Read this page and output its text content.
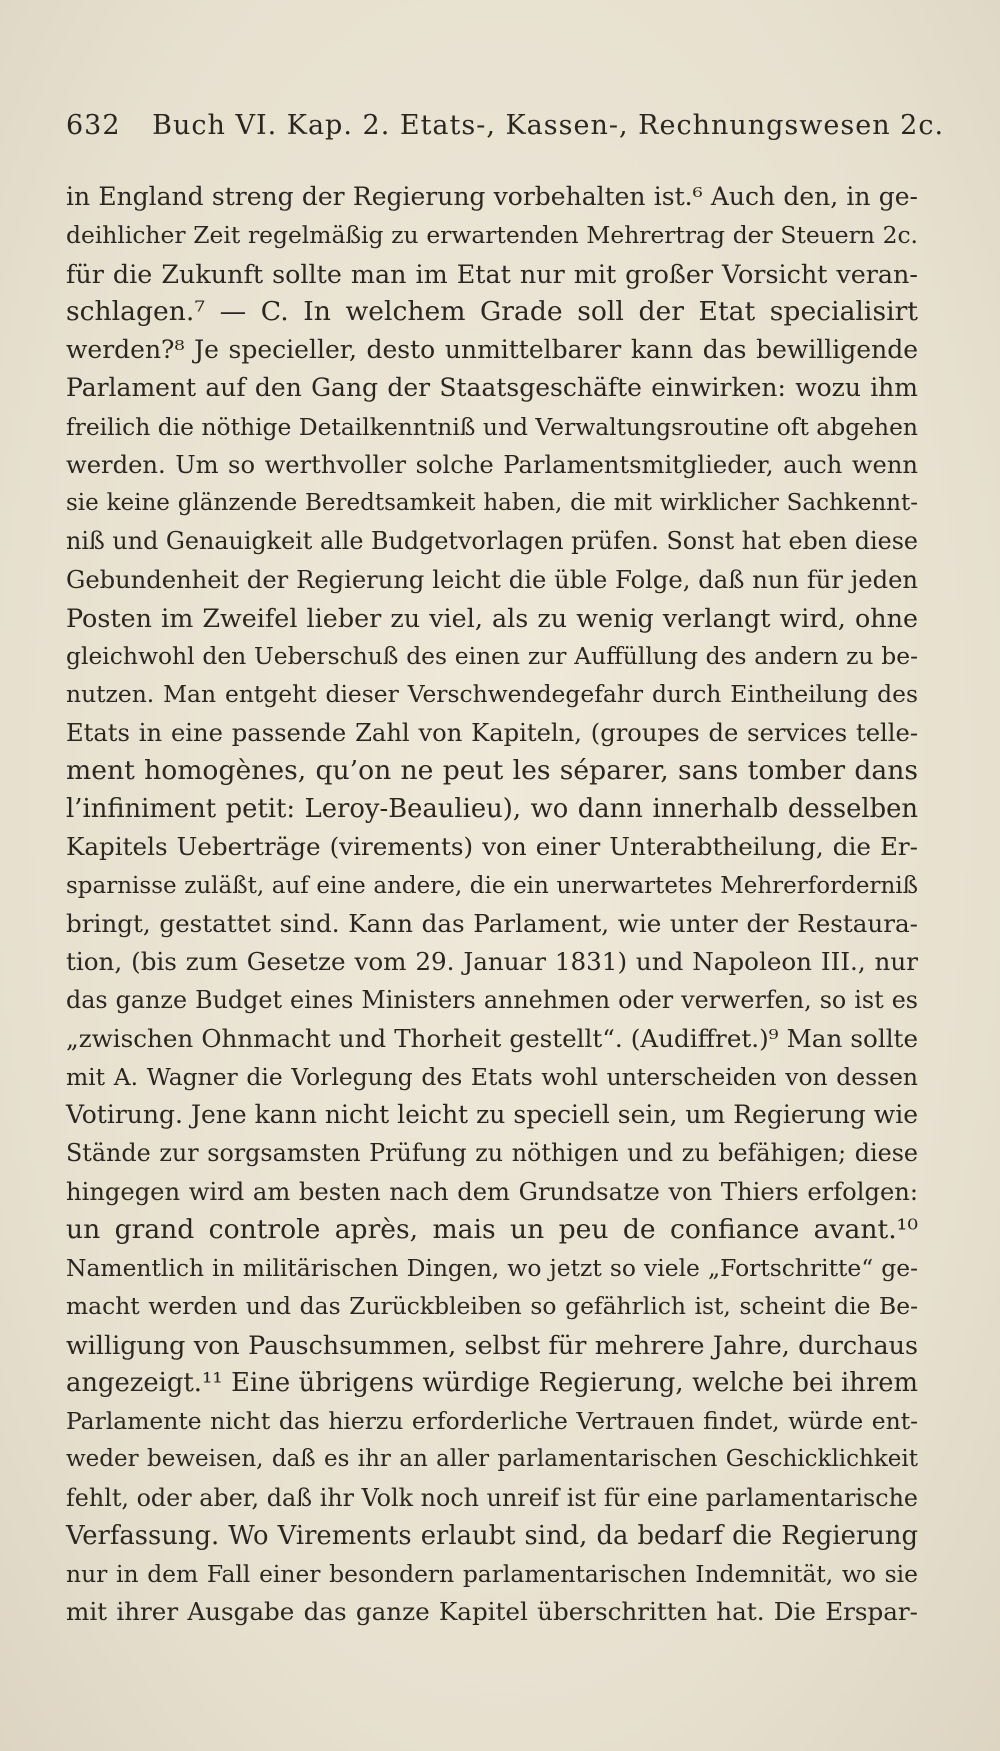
632 Buch VI. Kap. 2. Etats-, Kassen-, Rechnungswesen 2c.
in England streng der Regierung vorbehalten ist.⁶ Auch den, in ge-
deihlicher Zeit regelmäßig zu erwartenden Mehrertrag der Steuern 2c.
für die Zukunft sollte man im Etat nur mit großer Vorsicht veran-
schlagen.⁷ — C. In welchem Grade soll der Etat specialisirt
werden?⁸ Je specieller, desto unmittelbarer kann das bewilligende
Parlament auf den Gang der Staatsgeschäfte einwirken: wozu ihm
freilich die nöthige Detailkenntniß und Verwaltungsroutine oft abgehen
werden. Um so werthvoller solche Parlamentsmitglieder, auch wenn
sie keine glänzende Beredtsamkeit haben, die mit wirklicher Sachkennt-
niß und Genauigkeit alle Budgetvorlagen prüfen. Sonst hat eben diese
Gebundenheit der Regierung leicht die üble Folge, daß nun für jeden
Posten im Zweifel lieber zu viel, als zu wenig verlangt wird, ohne
gleichwohl den Ueberschuß des einen zur Auffüllung des andern zu be-
nutzen. Man entgeht dieser Verschwendegefahr durch Eintheilung des
Etats in eine passende Zahl von Kapiteln, (groupes de services telle-
ment homogènes, qu’on ne peut les séparer, sans tomber dans
l’infiniment petit: Leroy-Beaulieu), wo dann innerhalb desselben
Kapitels Ueberträge (virements) von einer Unterabtheilung, die Er-
sparnisse zuläßt, auf eine andere, die ein unerwartetes Mehrerforderniß
bringt, gestattet sind. Kann das Parlament, wie unter der Restaura-
tion, (bis zum Gesetze vom 29. Januar 1831) und Napoleon III., nur
das ganze Budget eines Ministers annehmen oder verwerfen, so ist es
„zwischen Ohnmacht und Thorheit gestellt“. (Audiffret.)⁹ Man sollte
mit A. Wagner die Vorlegung des Etats wohl unterscheiden von dessen
Votirung. Jene kann nicht leicht zu speciell sein, um Regierung wie
Stände zur sorgsamsten Prüfung zu nöthigen und zu befähigen; diese
hingegen wird am besten nach dem Grundsatze von Thiers erfolgen:
un grand controle après, mais un peu de confiance avant.¹⁰
Namentlich in militärischen Dingen, wo jetzt so viele „Fortschritte“ ge-
macht werden und das Zurückbleiben so gefährlich ist, scheint die Be-
willigung von Pauschsummen, selbst für mehrere Jahre, durchaus
angezeigt.¹¹ Eine übrigens würdige Regierung, welche bei ihrem
Parlamente nicht das hierzu erforderliche Vertrauen findet, würde ent-
weder beweisen, daß es ihr an aller parlamentarischen Geschicklichkeit
fehlt, oder aber, daß ihr Volk noch unreif ist für eine parlamentarische
Verfassung. Wo Virements erlaubt sind, da bedarf die Regierung
nur in dem Fall einer besondern parlamentarischen Indemnität, wo sie
mit ihrer Ausgabe das ganze Kapitel überschritten hat. Die Erspar-
